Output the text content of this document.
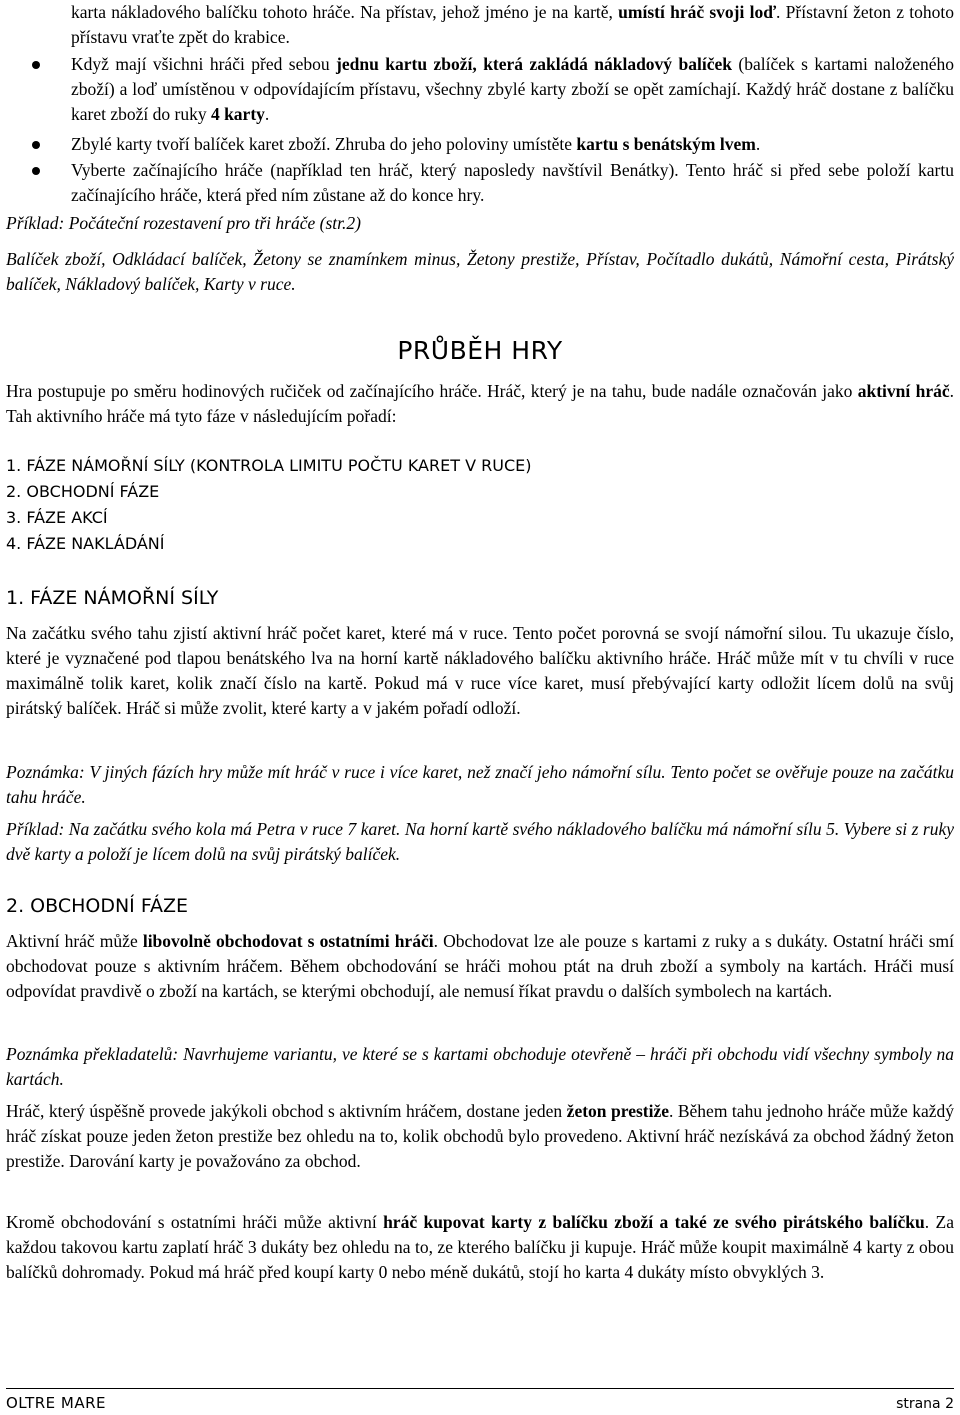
karta nákladového balíčku tohoto hráče. Na přístav, jehož jméno je na kartě, umístí hráč svoji loď. Přístavní žeton z tohoto přístavu vraťte zpět do krabice.

Když mají všichni hráči před sebou jednu kartu zboží, která zakládá nákladový balíček (balíček s kartami naloženého zboží) a loď umístěnou v odpovídajícím přístavu, všechny zbylé karty zboží se opět zamíchají. Každý hráč dostane z balíčku karet zboží do ruky 4 karty.

Zbylé karty tvoří balíček karet zboží. Zhruba do jeho poloviny umístěte kartu s benátským lvem.

Vyberte začínajícího hráče (například ten hráč, který naposledy navštívil Benátky). Tento hráč si před sebe položí kartu začínajícího hráče, která před ním zůstane až do konce hry.

Příklad: Počáteční rozestavení pro tři hráče (str.2)

Balíček zboží, Odkládací balíček, Žetony se znamínkem minus, Žetony prestiže, Přístav, Počítadlo dukátů, Námořní cesta, Pirátský balíček, Nákladový balíček, Karty v ruce.

PRŮBĚH HRY

Hra postupuje po směru hodinových ručiček od začínajícího hráče. Hráč, který je na tahu, bude nadále označován jako aktivní hráč. Tah aktivního hráče má tyto fáze v následujícím pořadí:

1. FÁZE NÁMOŘNÍ SÍLY (KONTROLA LIMITU POČTU KARET V RUCE)
2. OBCHODNÍ FÁZE
3. FÁZE AKCÍ
4. FÁZE NAKLÁDÁNÍ
1. FÁZE NÁMOŘNÍ SÍLY

Na začátku svého tahu zjistí aktivní hráč počet karet, které má v ruce. Tento počet porovná se svojí námořní silou. Tu ukazuje číslo, které je vyznačené pod tlapou benátského lva na horní kartě nákladového balíčku aktivního hráče. Hráč může mít v tu chvíli v ruce maximálně tolik karet, kolik značí číslo na kartě. Pokud má v ruce více karet, musí přebývající karty odložit lícem dolů na svůj pirátský balíček. Hráč si může zvolit, které karty a v jakém pořadí odloží.

Poznámka: V jiných fázích hry může mít hráč v ruce i více karet, než značí jeho námořní sílu. Tento počet se ověřuje pouze na začátku tahu hráče.

Příklad: Na začátku svého kola má Petra v ruce 7 karet. Na horní kartě svého nákladového balíčku má námořní sílu 5. Vybere si z ruky dvě karty a položí je lícem dolů na svůj pirátský balíček.

2. OBCHODNÍ FÁZE

Aktivní hráč může libovolně obchodovat s ostatními hráči. Obchodovat lze ale pouze s kartami z ruky a s dukáty. Ostatní hráči smí obchodovat pouze s aktivním hráčem. Během obchodování se hráči mohou ptát na druh zboží a symboly na kartách. Hráči musí odpovídat pravdivě o zboží na kartách, se kterými obchodují, ale nemusí říkat pravdu o dalších symbolech na kartách.

Poznámka překladatelů: Navrhujeme variantu, ve které se s kartami obchoduje otevřeně – hráči při obchodu vidí všechny symboly na kartách.

Hráč, který úspěšně provede jakýkoli obchod s aktivním hráčem, dostane jeden žeton prestiže. Během tahu jednoho hráče může každý hráč získat pouze jeden žeton prestiže bez ohledu na to, kolik obchodů bylo provedeno. Aktivní hráč nezískává za obchod žádný žeton prestiže. Darování karty je považováno za obchod.

Kromě obchodování s ostatními hráči může aktivní hráč kupovat karty z balíčku zboží a také ze svého pirátského balíčku. Za každou takovou kartu zaplatí hráč 3 dukáty bez ohledu na to, ze kterého balíčku ji kupuje. Hráč může koupit maximálně 4 karty z obou balíčků dohromady. Pokud má hráč před koupí karty 0 nebo méně dukátů, stojí ho karta 4 dukáty místo obvyklých 3.

OLTRE MARE	strana 2
